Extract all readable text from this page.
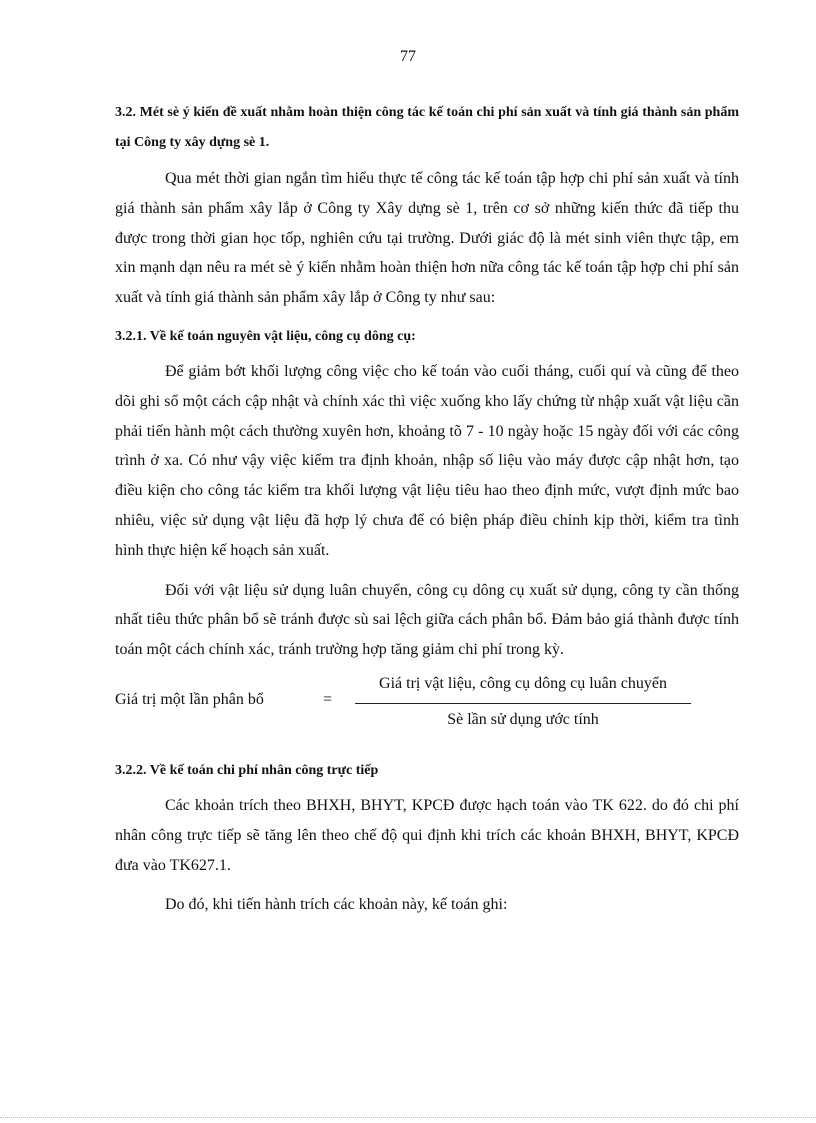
77

3.2. Mét sè ý kiến đề xuất nhằm hoàn thiện công tác kế toán chi phí sản xuất và tính giá thành sản phẩm tại Công ty xây dựng sè 1.

Qua mét thời gian ngắn tìm hiểu thực tế công tác kế toán tập hợp chi phí sản xuất và tính giá thành sản phẩm xây lắp ở Công ty Xây dựng sè 1, trên cơ sở những kiến thức đã tiếp thu được trong thời gian học tốp, nghiên cứu tại trường. Dưới giác độ là mét sinh viên thực tập, em xin mạnh dạn nêu ra mét sè ý kiến nhằm hoàn thiện hơn nữa công tác kế toán tập hợp chi phí sản xuất và tính giá thành sản phẩm xây lắp ở Công ty như sau:

3.2.1. Về kế toán nguyên vật liệu, công cụ dông cụ:

Để giảm bớt khối lượng công việc cho kế toán vào cuối tháng, cuối quí và cũng để theo dõi ghi sổ một cách cập nhật và chính xác thì việc xuống kho lấy chứng từ nhập xuất vật liệu cần phải tiến hành một cách thường xuyên hơn, khoảng tõ 7 - 10 ngày hoặc 15 ngày đối với các công trình ở xa. Có như vậy việc kiểm tra định khoản, nhập số liệu vào máy được cập nhật hơn, tạo điều kiện cho công tác kiểm tra khối lượng vật liệu tiêu hao theo định mức, vượt định mức bao nhiêu, việc sử dụng vật liệu đã hợp lý chưa để có biện pháp điều chỉnh kịp thời, kiểm tra tình hình thực hiện kế hoạch sản xuất.

Đối với vật liệu sử dụng luân chuyển, công cụ dông cụ xuất sử dụng, công ty cần thống nhất tiêu thức phân bổ sẽ tránh được sù sai lệch giữa cách phân bổ. Đảm bảo giá thành được tính toán một cách chính xác, tránh trường hợp tăng giảm chi phí trong kỳ.

Giá trị một lần phân bổ	=
Giá trị vật liệu, công cụ dông cụ luân chuyển
Sè lần sử dụng ước tính

3.2.2. Về kế toán chi phí nhân công trực tiếp

Các khoản trích theo BHXH, BHYT, KPCĐ được hạch toán vào TK 622. do đó chi phí nhân công trực tiếp sẽ tăng lên theo chế độ qui định khi trích các khoản BHXH, BHYT, KPCĐ đưa vào TK627.1.

Do đó, khi tiến hành trích các khoản này, kế toán ghi:
